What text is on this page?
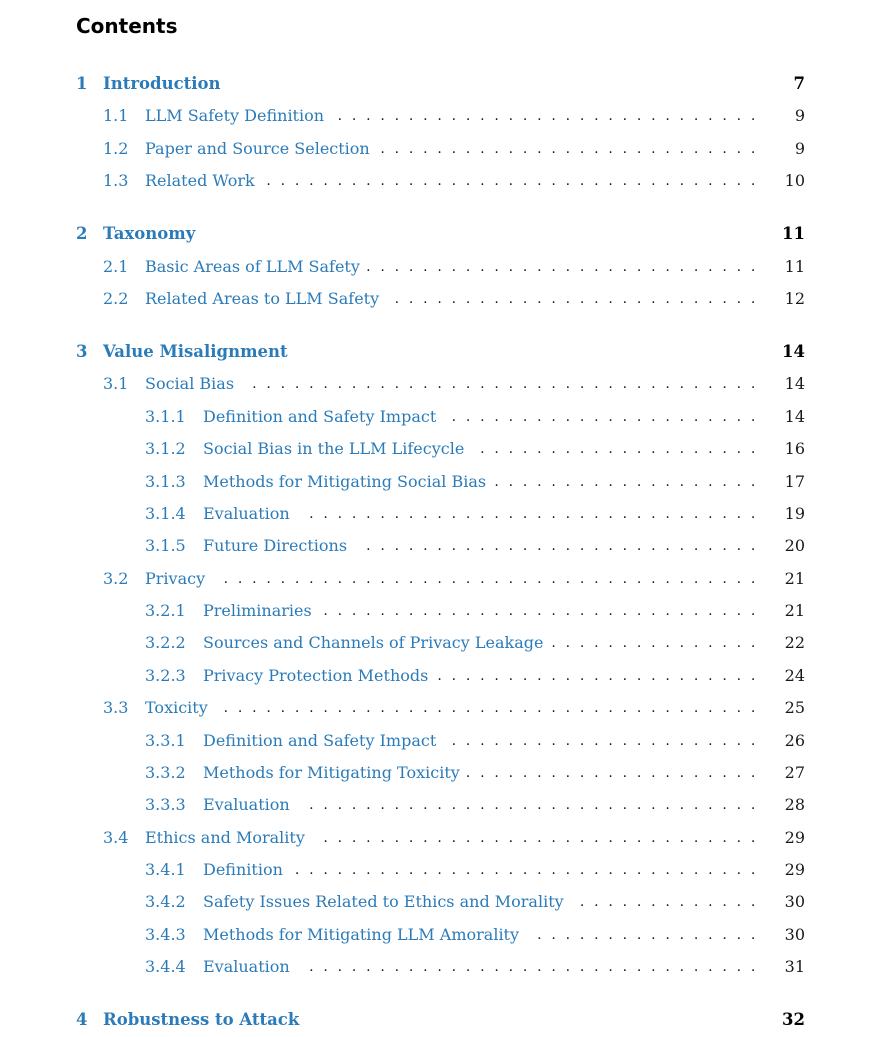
Contents
1 Introduction	7
1.1 LLM Safety Definition . . . . . . . . . . . . . . . . . . . . . . . . . . . . . .	9
1.2 Paper and Source Selection . . . . . . . . . . . . . . . . . . . . . . . . . . .	9
1.3 Related Work . . . . . . . . . . . . . . . . . . . . . . . . . . . . . . . . . . .	10
2 Taxonomy	11
2.1 Basic Areas of LLM Safety . . . . . . . . . . . . . . . . . . . . . . . . . . . .	11
2.2 Related Areas to LLM Safety	. . . . . . . . . . . . . . . . . . . . . . . . . .	12
3 Value Misalignment	14
3.1 Social Bias	. . . . . . . . . . . . . . . . . . . . . . . . . . . . . . . . . . . .	14
3.1.1 Definition and Safety Impact	. . . . . . . . . . . . . . . . . . . . . .	14
3.1.2 Social Bias in the LLM Lifecycle	. . . . . . . . . . . . . . . . . . . .	16
3.1.3 Methods for Mitigating Social Bias . . . . . . . . . . . . . . . . . . .	17
3.1.4 Evaluation	. . . . . . . . . . . . . . . . . . . . . . . . . . . . . . . .	19
3.1.5 Future Directions	. . . . . . . . . . . . . . . . . . . . . . . . . . . .	20
3.2 Privacy	. . . . . . . . . . . . . . . . . . . . . . . . . . . . . . . . . . . . . .	21
3.2.1 Preliminaries . . . . . . . . . . . . . . . . . . . . . . . . . . . . . . .	21
3.2.2 Sources and Channels of Privacy Leakage . . . . . . . . . . . . . . .	22
3.2.3 Privacy Protection Methods . . . . . . . . . . . . . . . . . . . . . . .	24
3.3 Toxicity	. . . . . . . . . . . . . . . . . . . . . . . . . . . . . . . . . . . . . .	25
3.3.1 Definition and Safety Impact	. . . . . . . . . . . . . . . . . . . . . .	26
3.3.2 Methods for Mitigating Toxicity . . . . . . . . . . . . . . . . . . . . .	27
3.3.3 Evaluation	. . . . . . . . . . . . . . . . . . . . . . . . . . . . . . . .	28
3.4 Ethics and Morality	. . . . . . . . . . . . . . . . . . . . . . . . . . . . . . .	29
3.4.1 Definition . . . . . . . . . . . . . . . . . . . . . . . . . . . . . . . . .	29
3.4.2 Safety Issues Related to Ethics and Morality	. . . . . . . . . . . . .	30
3.4.3 Methods for Mitigating LLM Amorality	. . . . . . . . . . . . . . . .	30
3.4.4 Evaluation	. . . . . . . . . . . . . . . . . . . . . . . . . . . . . . . .	31
4 Robustness to Attack	32
